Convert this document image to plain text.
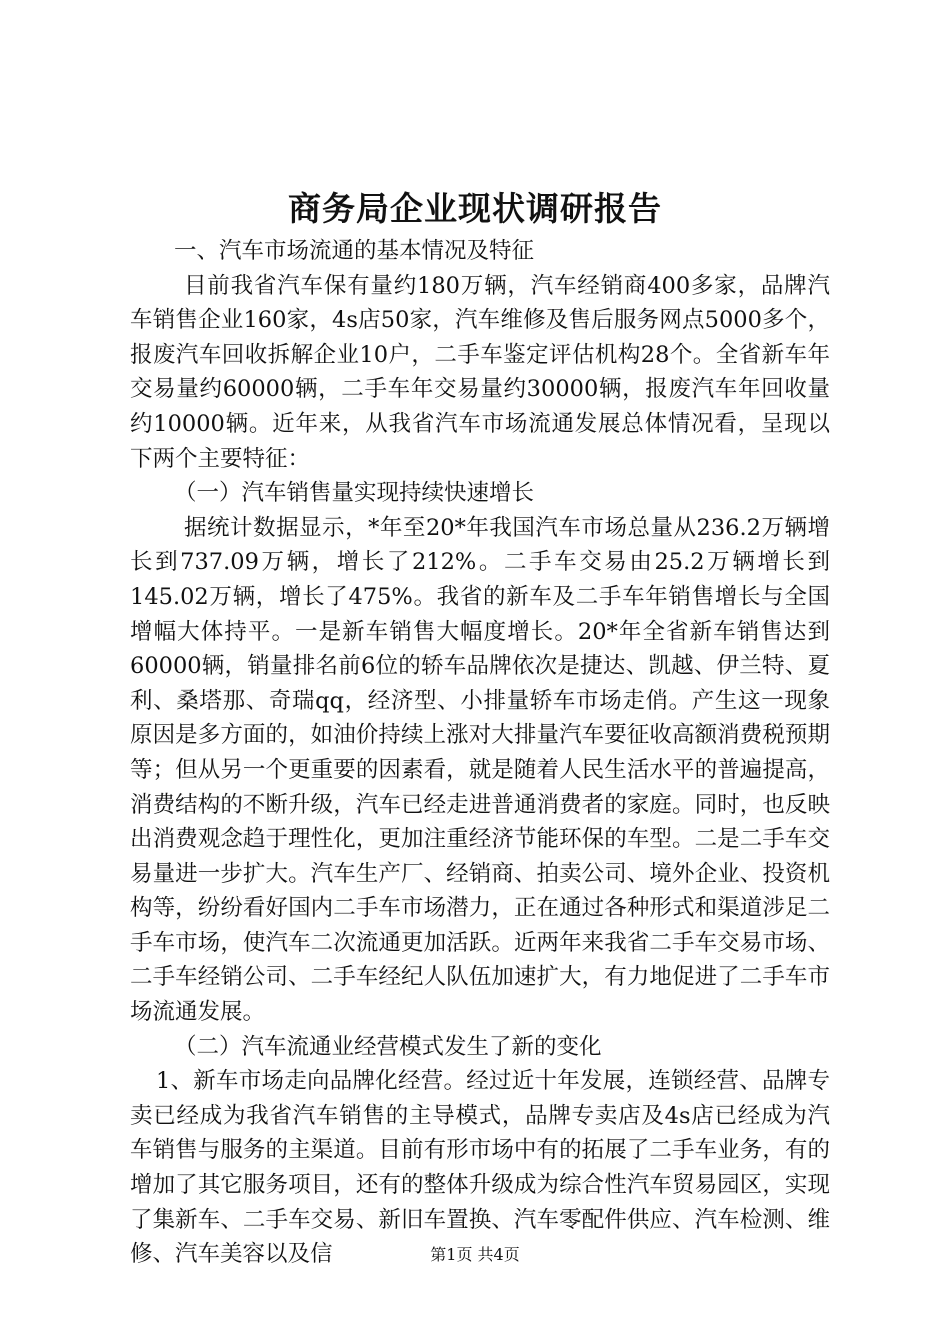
商务局企业现状调研报告

一、汽车市场流通的基本情况及特征

目前我省汽车保有量约180万辆，汽车经销商400多家，品牌汽车销售企业160家，4s店50家，汽车维修及售后服务网点5000多个，报废汽车回收拆解企业10户，二手车鉴定评估机构28个。全省新车年交易量约60000辆，二手车年交易量约30000辆，报废汽车年回收量约10000辆。近年来，从我省汽车市场流通发展总体情况看，呈现以下两个主要特征：

（一）汽车销售量实现持续快速增长

据统计数据显示，*年至20*年我国汽车市场总量从236.2万辆增长到737.09万辆，增长了212%。二手车交易由25.2万辆增长到145.02万辆，增长了475%。我省的新车及二手车年销售增长与全国增幅大体持平。一是新车销售大幅度增长。20*年全省新车销售达到60000辆，销量排名前6位的轿车品牌依次是捷达、凯越、伊兰特、夏利、桑塔那、奇瑞qq，经济型、小排量轿车市场走俏。产生这一现象原因是多方面的，如油价持续上涨对大排量汽车要征收高额消费税预期等；但从另一个更重要的因素看，就是随着人民生活水平的普遍提高，消费结构的不断升级，汽车已经走进普通消费者的家庭。同时，也反映出消费观念趋于理性化，更加注重经济节能环保的车型。二是二手车交易量进一步扩大。汽车生产厂、经销商、拍卖公司、境外企业、投资机构等，纷纷看好国内二手车市场潜力，正在通过各种形式和渠道涉足二手车市场，使汽车二次流通更加活跃。近两年来我省二手车交易市场、二手车经销公司、二手车经纪人队伍加速扩大，有力地促进了二手车市场流通发展。

（二）汽车流通业经营模式发生了新的变化

1、新车市场走向品牌化经营。经过近十年发展，连锁经营、品牌专卖已经成为我省汽车销售的主导模式，品牌专卖店及4s店已经成为汽车销售与服务的主渠道。目前有形市场中有的拓展了二手车业务，有的增加了其它服务项目，还有的整体升级成为综合性汽车贸易园区，实现了集新车、二手车交易、新旧车置换、汽车零配件供应、汽车检测、维修、汽车美容以及信	第1页 共4页
